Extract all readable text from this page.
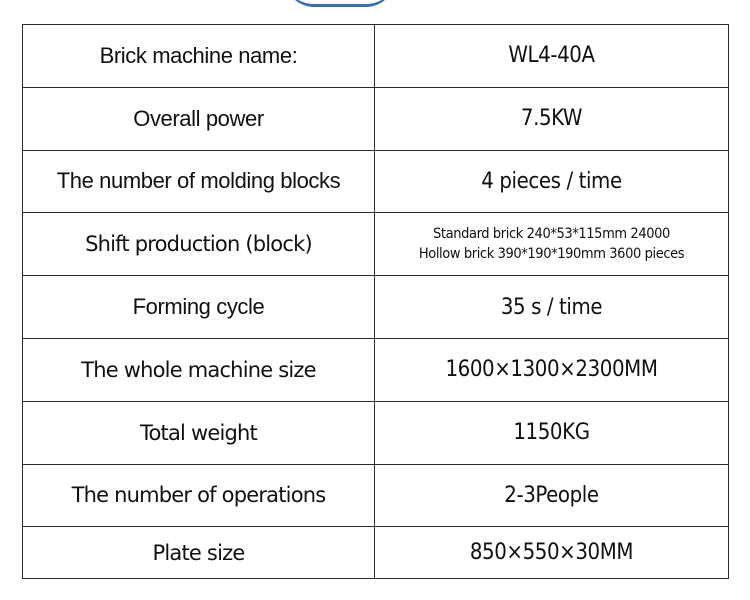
Brick machine name:	WL4-40A
Overall power	7.5KW
The number of molding blocks	4 pieces / time
Shift production (block)	Standard brick 240*53*115mm 24000
Hollow brick 390*190*190mm 3600 pieces

Forming cycle	35 s / time
The whole machine size	1600×1300×2300MM
Total weight	1150KG
The number of operations	2-3People
Plate size	850×550×30MM
